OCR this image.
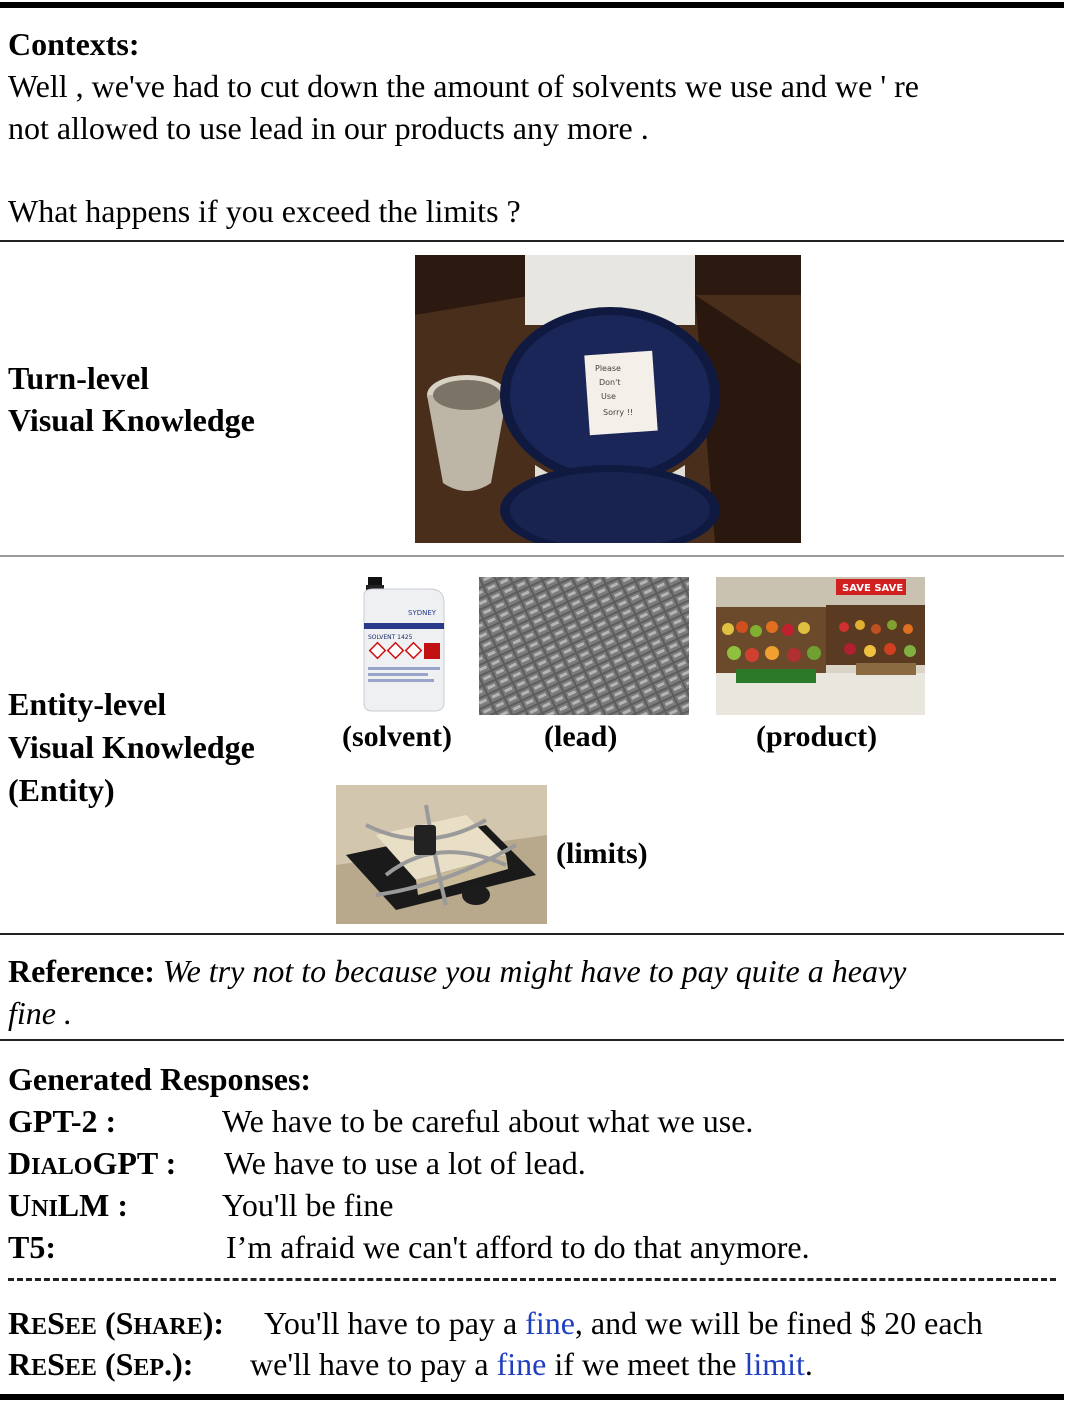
Contexts:
Well , we've had to cut down the amount of solvents we use and we ' re
not allowed to use lead in our products any more .
What happens if you exceed the limits ?
Turn-level
Visual Knowledge
Please
Don't
Use
Sorry !!
Entity-level
Visual Knowledge
(Entity)
SOLVENT 1425
SYDNEY
SAVE SAVE
(solvent)	(lead)	(product)
(limits)
Reference: We try not to because you might have to pay quite a heavy
fine .
Generated Responses:
GPT-2 :	We have to be careful about what we use.
DIALOGPT : We have to use a lot of lead.
UNILM :	You'll be fine
T5:	I’m afraid we can't afford to do that anymore.
RESEE (SHARE): You'll have to pay a fine, and we will be fined $ 20 each
RESEE (SEP.): we'll have to pay a fine if we meet the limit.
